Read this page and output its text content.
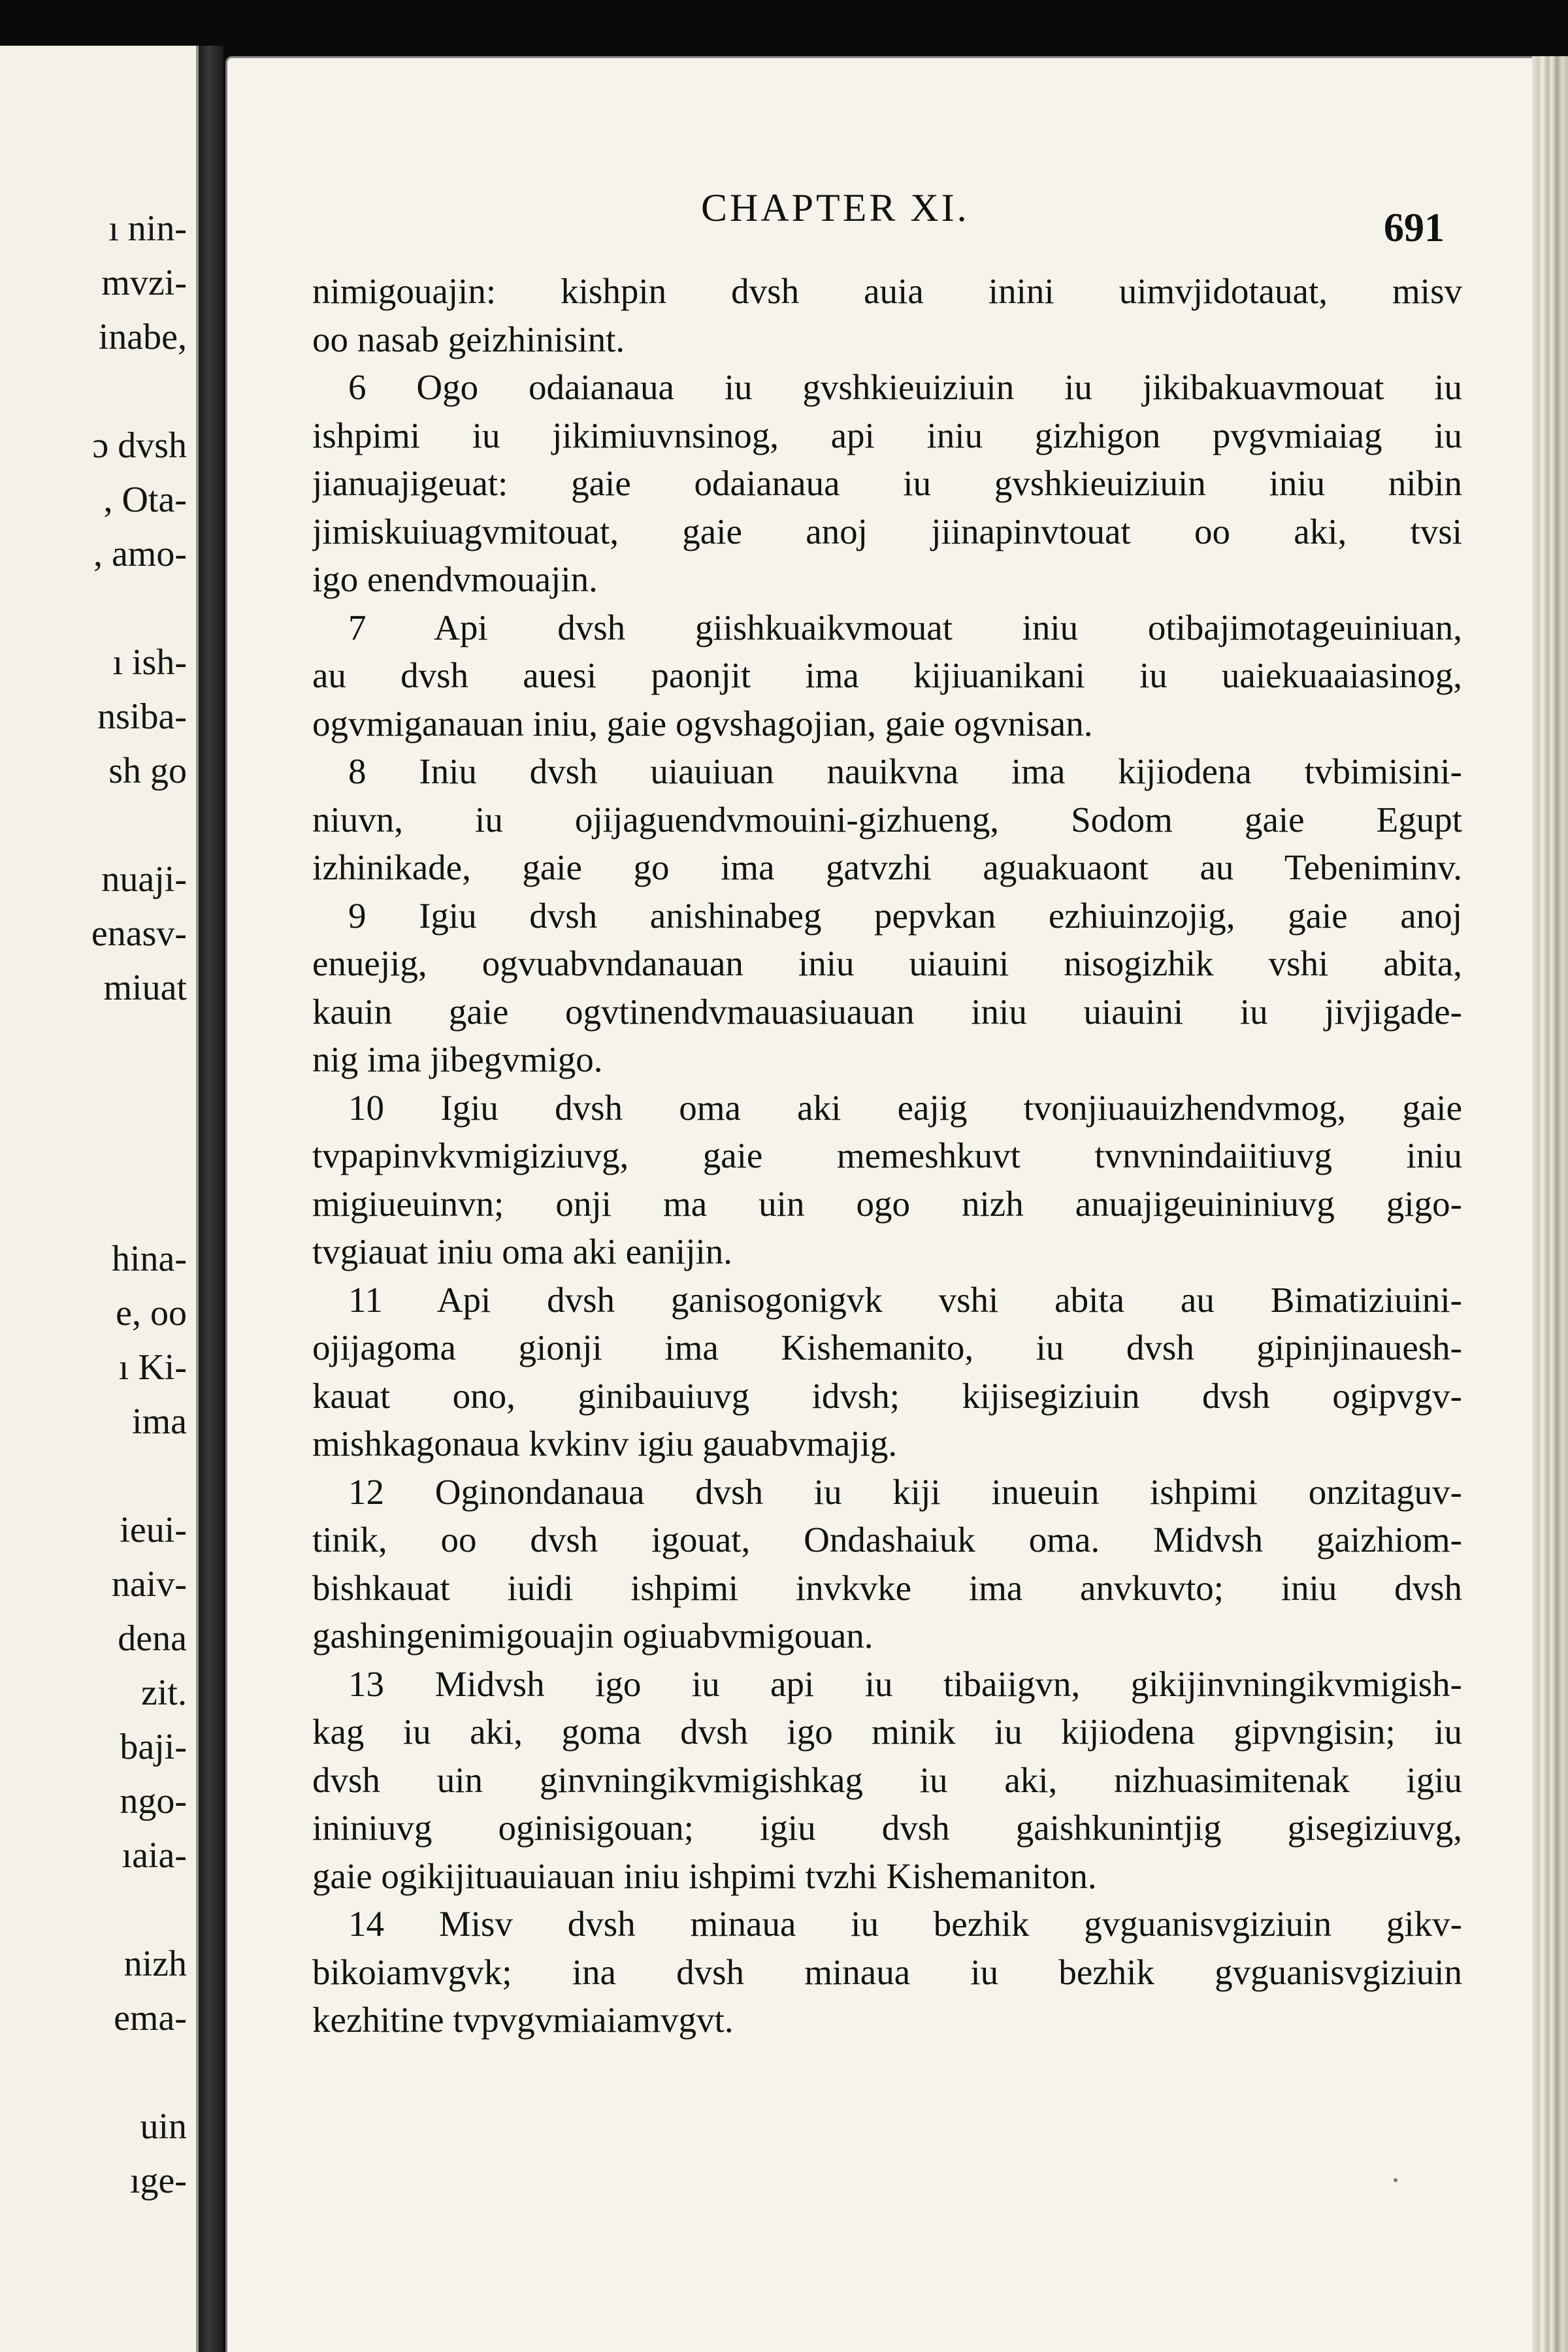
ı nin-
mvzi-
inabe,
ɔ dvsh
, Ota-
, amo-
ı ish-
nsiba-
sh go
nuaji-
enasv-
miuat
hina-
e, oo
ı Ki-
ima
ieui-
naiv-
dena
zit.
baji-
ngo-
ıaia-
nizh
ema-
uin
ıge-
CHAPTER XI.	691
nimigouajin: kishpin dvsh auia inini uimvjidotauat, misv
oo nasab geizhinisint.
6 Ogo odaianaua iu gvshkieuiziuin iu jikibakuavmouat iu
ishpimi iu jikimiuvnsinog, api iniu gizhigon pvgvmiaiag iu
jianuajigeuat: gaie odaianaua iu gvshkieuiziuin iniu nibin
jimiskuiuagvmitouat, gaie anoj jiinapinvtouat oo aki, tvsi
igo enendvmouajin.
7 Api dvsh giishkuaikvmouat iniu otibajimotageuiniuan,
au dvsh auesi paonjit ima kijiuanikani iu uaiekuaaiasinog,
ogvmiganauan iniu, gaie ogvshagojian, gaie ogvnisan.
8 Iniu dvsh uiauiuan nauikvna ima kijiodena tvbimisini-
niuvn, iu ojijaguendvmouini-gizhueng, Sodom gaie Egupt
izhinikade, gaie go ima gatvzhi aguakuaont au Tebeniminv.
9 Igiu dvsh anishinabeg pepvkan ezhiuinzojig, gaie anoj
enuejig, ogvuabvndanauan iniu uiauini nisogizhik vshi abita,
kauin gaie ogvtinendvmauasiuauan iniu uiauini iu jivjigade-
nig ima jibegvmigo.
10 Igiu dvsh oma aki eajig tvonjiuauizhendvmog, gaie
tvpapinvkvmigiziuvg, gaie memeshkuvt tvnvnindaiitiuvg iniu
migiueuinvn; onji ma uin ogo nizh anuajigeuininiuvg gigo-
tvgiauat iniu oma aki eanijin.
11 Api dvsh ganisogonigvk vshi abita au Bimatiziuini-
ojijagoma gionji ima Kishemanito, iu dvsh gipinjinauesh-
kauat ono, ginibauiuvg idvsh; kijisegiziuin dvsh ogipvgv-
mishkagonaua kvkinv igiu gauabvmajig.
12 Oginondanaua dvsh iu kiji inueuin ishpimi onzitaguv-
tinik, oo dvsh igouat, Ondashaiuk oma. Midvsh gaizhiom-
bishkauat iuidi ishpimi invkvke ima anvkuvto; iniu dvsh
gashingenimigouajin ogiuabvmigouan.
13 Midvsh igo iu api iu tibaiigvn, gikijinvningikvmigish-
kag iu aki, goma dvsh igo minik iu kijiodena gipvngisin; iu
dvsh uin ginvningikvmigishkag iu aki, nizhuasimitenak igiu
ininiuvg oginisigouan; igiu dvsh gaishkunintjig gisegiziuvg,
gaie ogikijituauiauan iniu ishpimi tvzhi Kishemaniton.
14 Misv dvsh minaua iu bezhik gvguanisvgiziuin gikv-
bikoiamvgvk; ina dvsh minaua iu bezhik gvguanisvgiziuin
kezhitine tvpvgvmiaiamvgvt.
